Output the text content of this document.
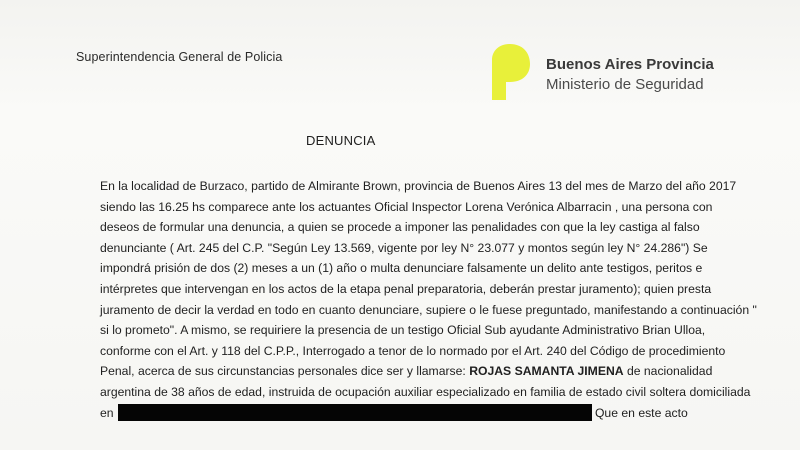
Superintendencia General de Policia	Buenos Aires Provincia
Ministerio de Seguridad
DENUNCIA
En la localidad de Burzaco, partido de Almirante Brown, provincia de Buenos Aires 13 del mes de Marzo del año 2017
siendo las 16.25 hs comparece ante los actuantes Oficial Inspector Lorena Verónica Albarracin , una persona con
deseos de formular una denuncia, a quien se procede a imponer las penalidades con que la ley castiga al falso
denunciante ( Art. 245 del C.P. "Según Ley 13.569, vigente por ley N° 23.077 y montos según ley N° 24.286") Se
impondrá prisión de dos (2) meses a un (1) año o multa denunciare falsamente un delito ante testigos, peritos e
intérpretes que intervengan en los actos de la etapa penal preparatoria, deberán prestar juramento); quien presta
juramento de decir la verdad en todo en cuanto denunciare, supiere o le fuese preguntado, manifestando a continuación "
si lo prometo". A mismo, se requiriere la presencia de un testigo Oficial Sub ayudante Administrativo Brian Ulloa,
conforme con el Art. y 118 del C.P.P., Interrogado a tenor de lo normado por el Art. 240 del Código de procedimiento
Penal, acerca de sus circunstancias personales dice ser y llamarse: ROJAS SAMANTA JIMENA de nacionalidad
argentina de 38 años de edad, instruida de ocupación auxiliar especializado en familia de estado civil soltera domiciliada
en	Que en este acto
